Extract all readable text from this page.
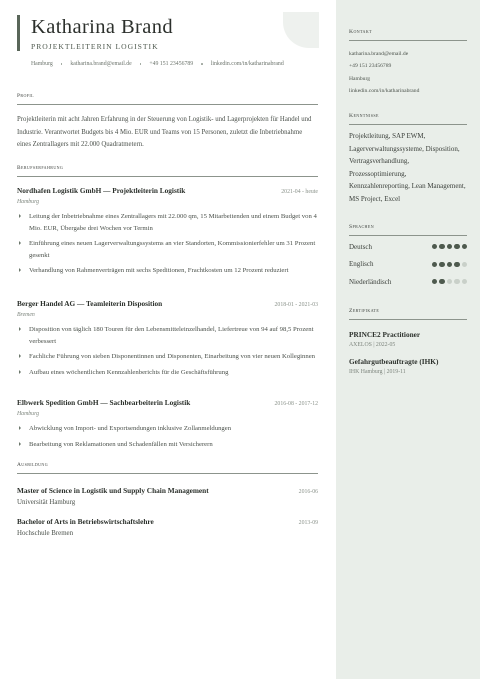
Katharina Brand
PROJEKTLEITERIN LOGISTIK
Hamburg	katharina.brand@email.de	+49 151 23456789	linkedin.com/in/katharinabrand
Profil
Projektleiterin mit acht Jahren Erfahrung in der Steuerung von Logistik- und Lagerprojekten für Handel und Industrie. Verantwortet Budgets bis 4 Mio. EUR und Teams von 15 Personen, zuletzt die Inbetriebnahme eines Zentrallagers mit 22.000 Quadratmetern.
Berufserfahrung
Nordhafen Logistik GmbH — Projektleiterin Logistik	2021-04 - heute
Hamburg
Leitung der Inbetriebnahme eines Zentrallagers mit 22.000 qm, 15 Mitarbeitenden und einem Budget von 4 Mio. EUR, Übergabe drei Wochen vor Termin
Einführung eines neuen Lagerverwaltungssystems an vier Standorten, Kommissionierfehler um 31 Prozent gesenkt
Verhandlung von Rahmenverträgen mit sechs Speditionen, Frachtkosten um 12 Prozent reduziert
Berger Handel AG — Teamleiterin Disposition	2018-01 - 2021-03
Bremen
Disposition von täglich 180 Touren für den Lebensmitteleinzelhandel, Liefertreue von 94 auf 98,5 Prozent verbessert
Fachliche Führung von sieben Disponentinnen und Disponenten, Einarbeitung von vier neuen Kolleginnen
Aufbau eines wöchentlichen Kennzahlenberichts für die Geschäftsführung
Elbwerk Spedition GmbH — Sachbearbeiterin Logistik	2016-08 - 2017-12
Hamburg
Abwicklung von Import- und Exportsendungen inklusive Zollanmeldungen
Bearbeitung von Reklamationen und Schadenfällen mit Versicherern
Ausbildung
Master of Science in Logistik und Supply Chain Management	2016-06
Universität Hamburg
Bachelor of Arts in Betriebswirtschaftslehre	2013-09
Hochschule Bremen
Kontakt
katharina.brand@email.de
+49 151 23456789
Hamburg
linkedin.com/in/katharinabrand
Kenntnisse
Projektleitung, SAP EWM, Lagerverwaltungssysteme, Disposition, Vertragsverhandlung, Prozessoptimierung, Kennzahlenreporting, Lean Management, MS Project, Excel
Sprachen
Deutsch
Englisch
Niederländisch
Zertifikate
PRINCE2 Practitioner
AXELOS | 2022-05
Gefahrgutbeauftragte (IHK)
IHK Hamburg | 2019-11
